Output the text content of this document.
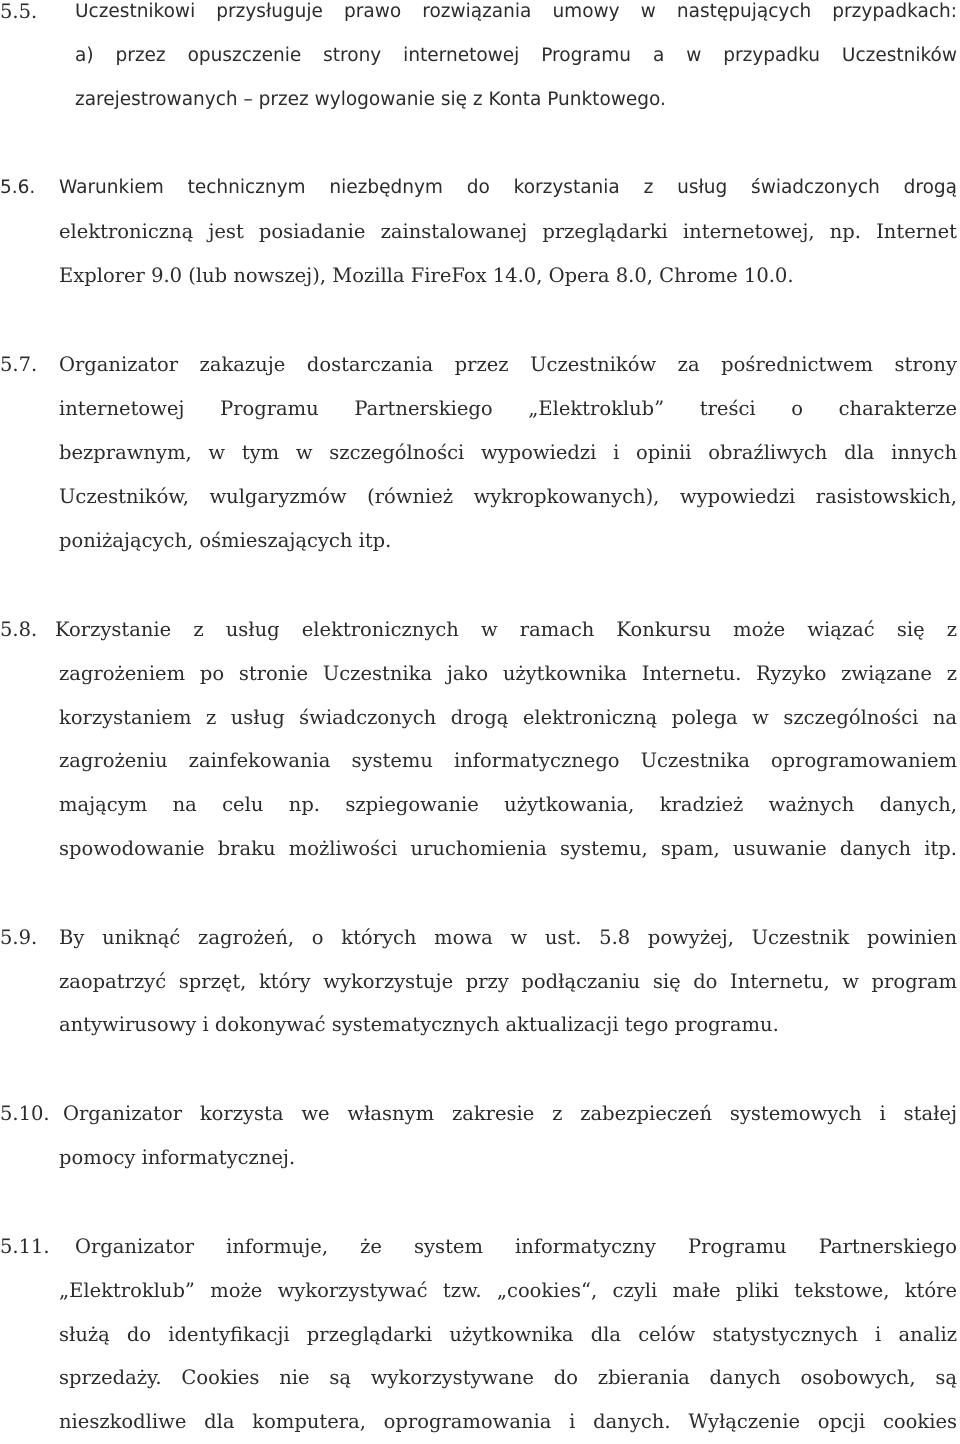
5.5. Uczestnikowi przysługuje prawo rozwiązania umowy w następujących przypadkach:
a) przez opuszczenie strony internetowej Programu a w przypadku Uczestników
zarejestrowanych – przez wylogowanie się z Konta Punktowego.
5.6. Warunkiem technicznym niezbędnym do korzystania z usług świadczonych drogą
elektroniczną jest posiadanie zainstalowanej przeglądarki internetowej, np. Internet
Explorer 9.0 (lub nowszej), Mozilla FireFox 14.0, Opera 8.0, Chrome 10.0.
5.7. Organizator zakazuje dostarczania przez Uczestników za pośrednictwem strony
internetowej Programu Partnerskiego „Elektroklub” treści o charakterze
bezprawnym, w tym w szczególności wypowiedzi i opinii obraźliwych dla innych
Uczestników, wulgaryzmów (również wykropkowanych), wypowiedzi rasistowskich,
poniżających, ośmieszających itp.
5.8. Korzystanie z usług elektronicznych w ramach Konkursu może wiązać się z
zagrożeniem po stronie Uczestnika jako użytkownika Internetu. Ryzyko związane z
korzystaniem z usług świadczonych drogą elektroniczną polega w szczególności na
zagrożeniu zainfekowania systemu informatycznego Uczestnika oprogramowaniem
mającym na celu np. szpiegowanie użytkowania, kradzież ważnych danych,
spowodowanie braku możliwości uruchomienia systemu, spam, usuwanie danych itp.
5.9. By uniknąć zagrożeń, o których mowa w ust. 5.8 powyżej, Uczestnik powinien
zaopatrzyć sprzęt, który wykorzystuje przy podłączaniu się do Internetu, w program
antywirusowy i dokonywać systematycznych aktualizacji tego programu.
5.10. Organizator korzysta we własnym zakresie z zabezpieczeń systemowych i stałej
pomocy informatycznej.
5.11. Organizator informuje, że system informatyczny Programu Partnerskiego
„Elektroklub” może wykorzystywać tzw. „cookies“, czyli małe pliki tekstowe, które
służą do identyfikacji przeglądarki użytkownika dla celów statystycznych i analiz
sprzedaży. Cookies nie są wykorzystywane do zbierania danych osobowych, są
nieszkodliwe dla komputera, oprogramowania i danych. Wyłączenie opcji cookies
